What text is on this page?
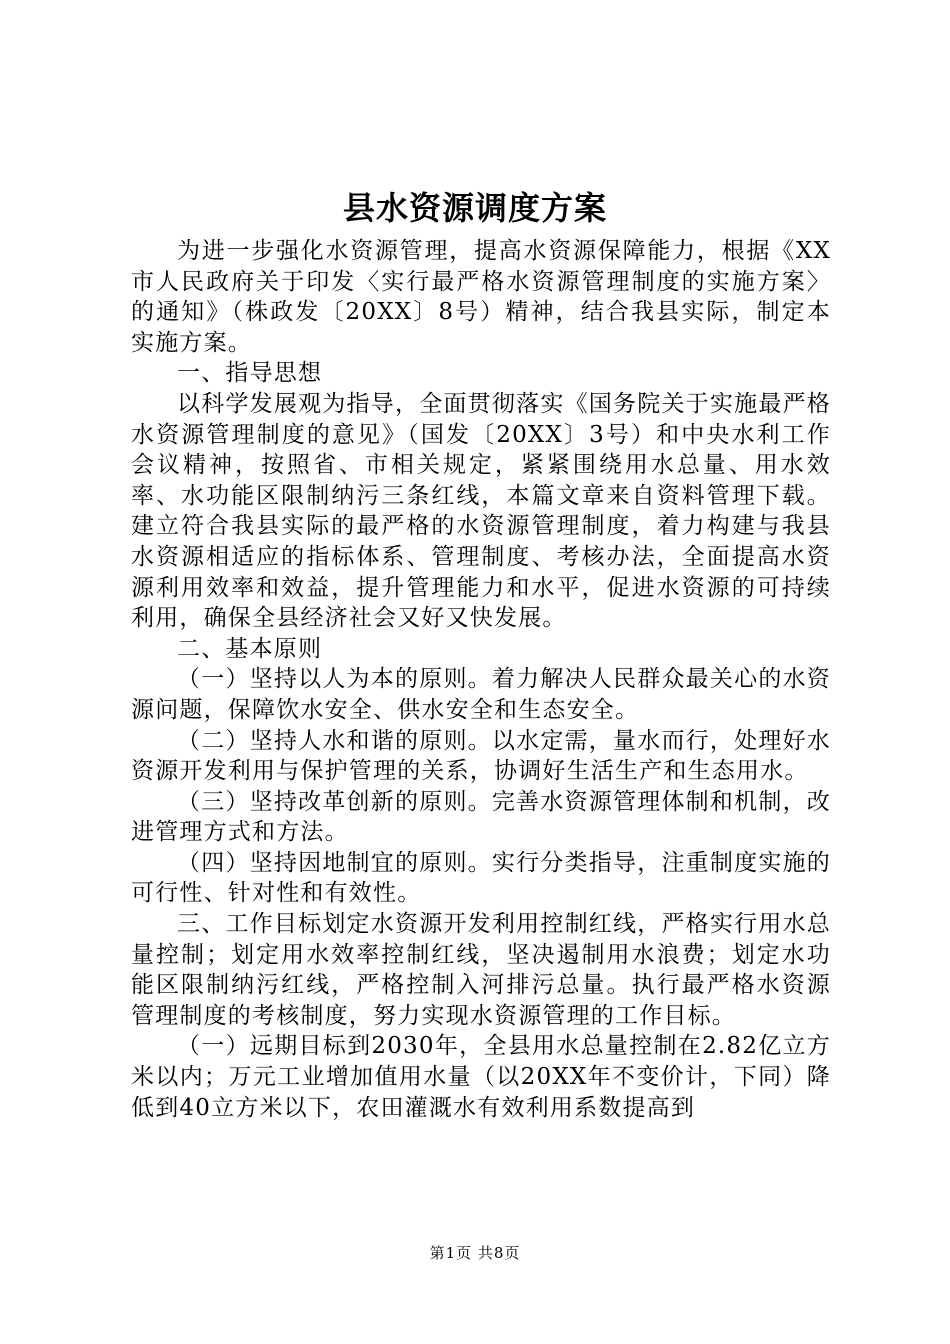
县水资源调度方案

为进一步强化水资源管理，提高水资源保障能力，根据《XX市人民政府关于印发〈实行最严格水资源管理制度的实施方案〉的通知》（株政发〔20XX〕8号）精神，结合我县实际，制定本实施方案。

一、指导思想

以科学发展观为指导，全面贯彻落实《国务院关于实施最严格水资源管理制度的意见》（国发〔20XX〕3号）和中央水利工作会议精神，按照省、市相关规定，紧紧围绕用水总量、用水效率、水功能区限制纳污三条红线，本篇文章来自资料管理下载。建立符合我县实际的最严格的水资源管理制度，着力构建与我县水资源相适应的指标体系、管理制度、考核办法，全面提高水资源利用效率和效益，提升管理能力和水平，促进水资源的可持续利用，确保全县经济社会又好又快发展。

二、基本原则

（一）坚持以人为本的原则。着力解决人民群众最关心的水资源问题，保障饮水安全、供水安全和生态安全。

（二）坚持人水和谐的原则。以水定需，量水而行，处理好水资源开发利用与保护管理的关系，协调好生活生产和生态用水。

（三）坚持改革创新的原则。完善水资源管理体制和机制，改进管理方式和方法。

（四）坚持因地制宜的原则。实行分类指导，注重制度实施的可行性、针对性和有效性。

三、工作目标划定水资源开发利用控制红线，严格实行用水总量控制；划定用水效率控制红线，坚决遏制用水浪费；划定水功能区限制纳污红线，严格控制入河排污总量。执行最严格水资源管理制度的考核制度，努力实现水资源管理的工作目标。

（一）远期目标到2030年，全县用水总量控制在2.82亿立方米以内；万元工业增加值用水量（以20XX年不变价计，下同）降低到40立方米以下，农田灌溉水有效利用系数提高到

第1页 共8页
